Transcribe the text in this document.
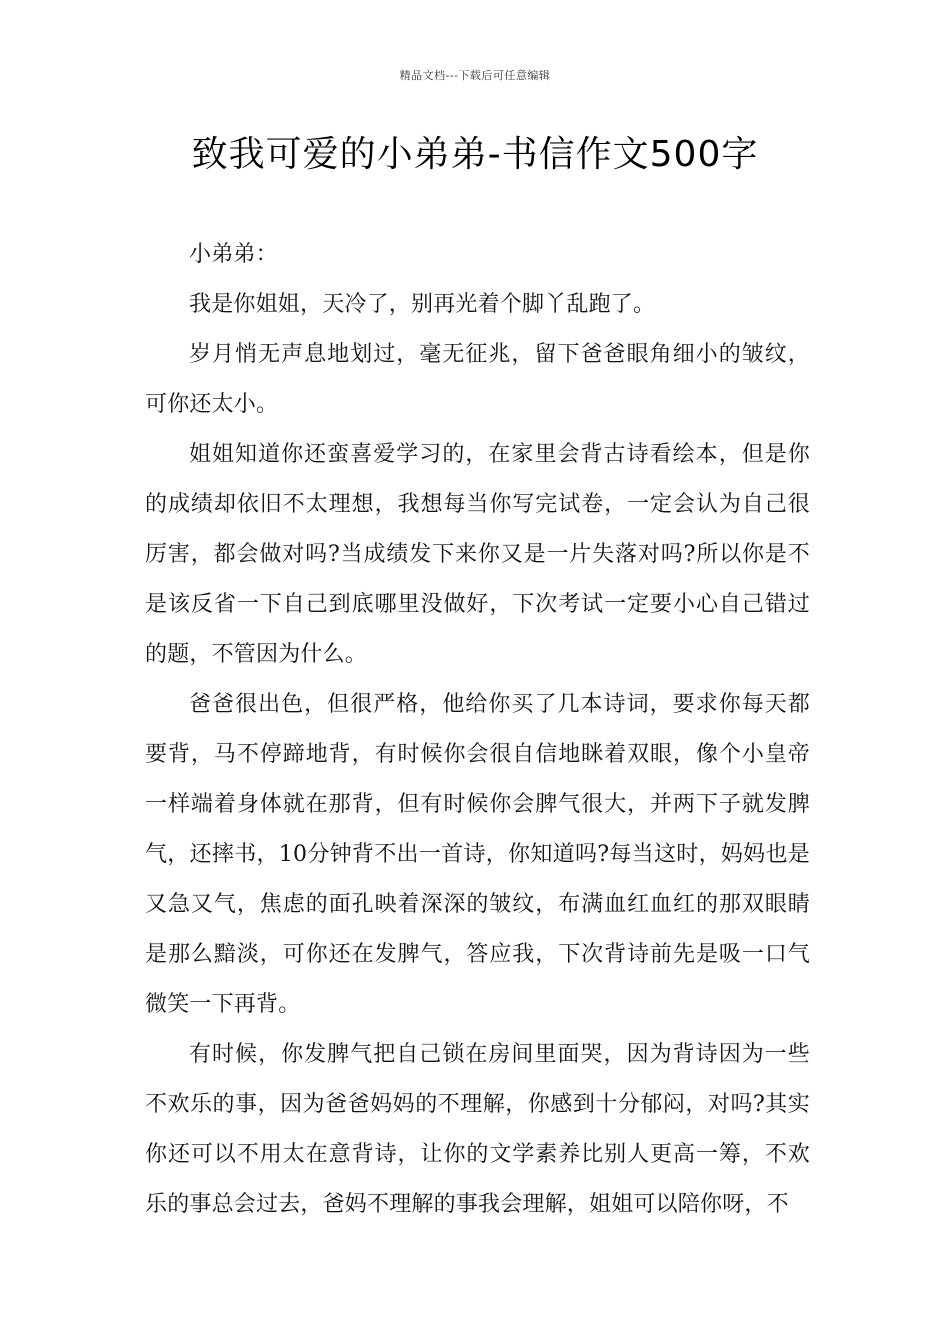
精品文档---下载后可任意编辑
致我可爱的小弟弟-书信作文500字

小弟弟：

我是你姐姐，天冷了，别再光着个脚丫乱跑了。

岁月悄无声息地划过，毫无征兆，留下爸爸眼角细小的皱纹，可你还太小。

姐姐知道你还蛮喜爱学习的，在家里会背古诗看绘本，但是你的成绩却依旧不太理想，我想每当你写完试卷，一定会认为自己很厉害，都会做对吗?当成绩发下来你又是一片失落对吗?所以你是不是该反省一下自己到底哪里没做好，下次考试一定要小心自己错过的题，不管因为什么。

爸爸很出色，但很严格，他给你买了几本诗词，要求你每天都要背，马不停蹄地背，有时候你会很自信地眯着双眼，像个小皇帝一样端着身体就在那背，但有时候你会脾气很大，并两下子就发脾气，还摔书，10分钟背不出一首诗，你知道吗?每当这时，妈妈也是又急又气，焦虑的面孔映着深深的皱纹，布满血红血红的那双眼睛是那么黯淡，可你还在发脾气，答应我，下次背诗前先是吸一口气微笑一下再背。

有时候，你发脾气把自己锁在房间里面哭，因为背诗因为一些不欢乐的事，因为爸爸妈妈的不理解，你感到十分郁闷，对吗?其实你还可以不用太在意背诗，让你的文学素养比别人更高一筹，不欢乐的事总会过去，爸妈不理解的事我会理解，姐姐可以陪你呀，不
